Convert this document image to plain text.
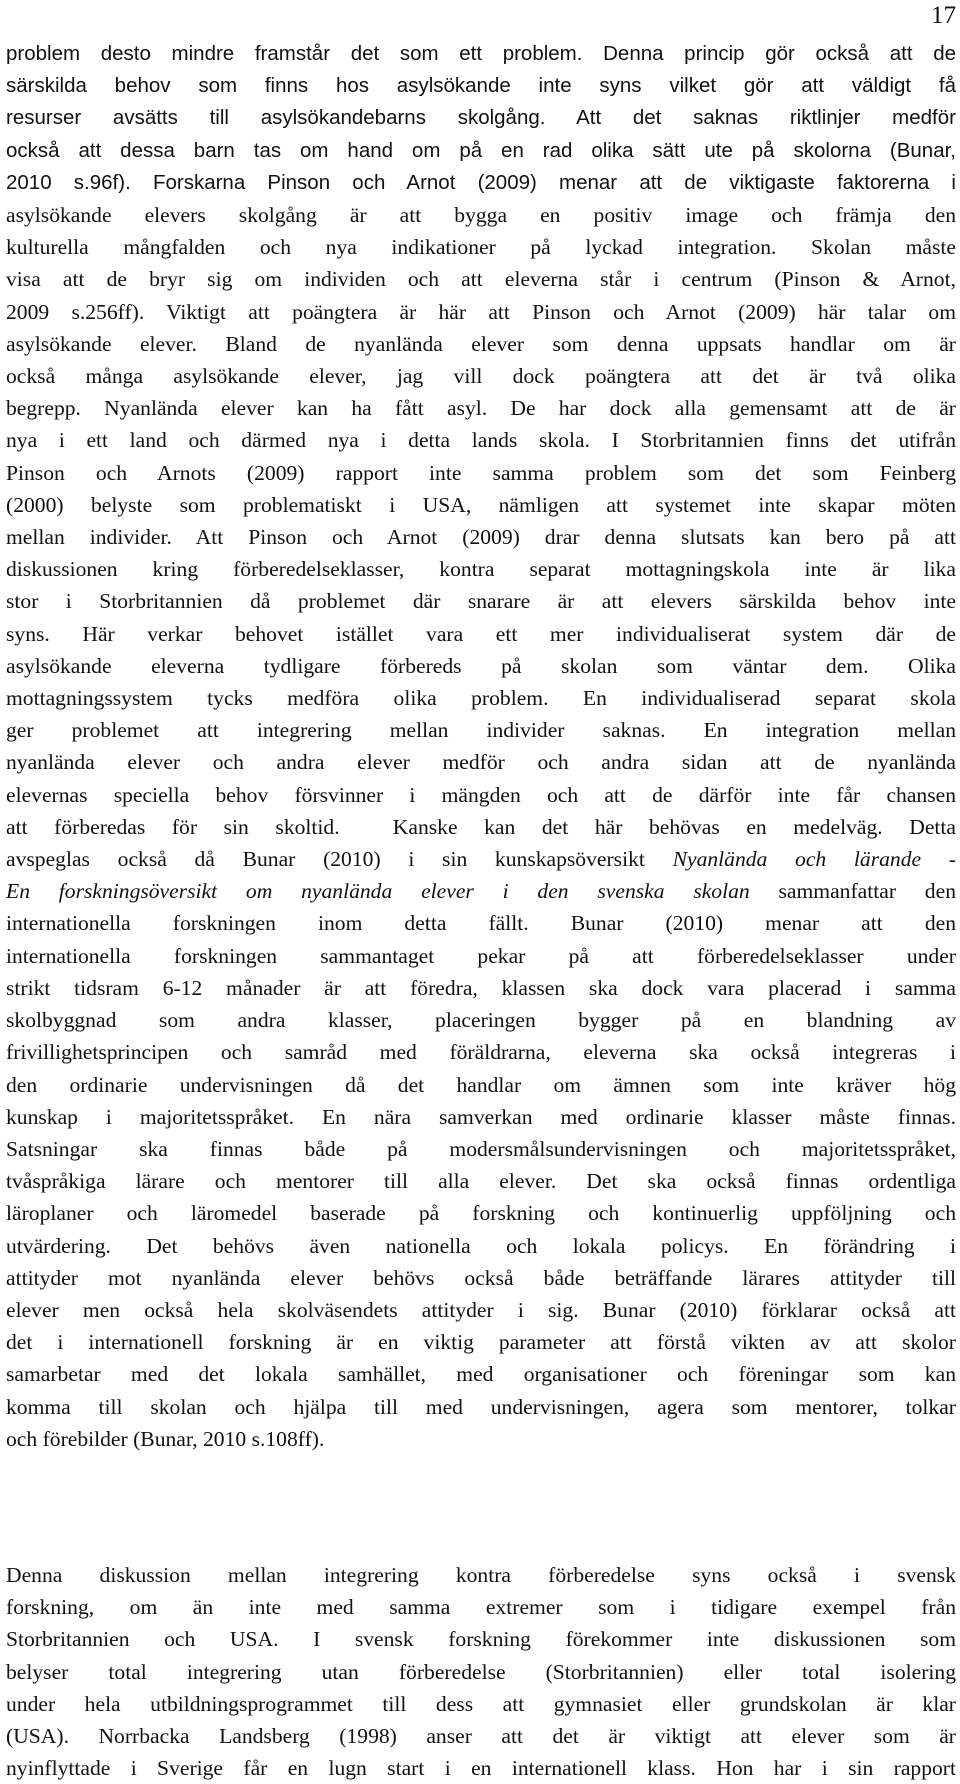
17
problem desto mindre framstår det som ett problem. Denna princip gör också att de
särskilda behov som finns hos asylsökande inte syns vilket gör att väldigt få
resurser avsätts till asylsökandebarns skolgång. Att det saknas riktlinjer medför
också att dessa barn tas om hand om på en rad olika sätt ute på skolorna (Bunar,
2010 s.96f). Forskarna Pinson och Arnot (2009) menar att de viktigaste faktorerna i
asylsökande elevers skolgång är att bygga en positiv image och främja den
kulturella mångfalden och nya indikationer på lyckad integration. Skolan måste
visa att de bryr sig om individen och att eleverna står i centrum (Pinson & Arnot,
2009 s.256ff). Viktigt att poängtera är här att Pinson och Arnot (2009) här talar om
asylsökande elever. Bland de nyanlända elever som denna uppsats handlar om är
också många asylsökande elever, jag vill dock poängtera att det är två olika
begrepp. Nyanlända elever kan ha fått asyl. De har dock alla gemensamt att de är
nya i ett land och därmed nya i detta lands skola. I Storbritannien finns det utifrån
Pinson och Arnots (2009) rapport inte samma problem som det som Feinberg
(2000) belyste som problematiskt i USA, nämligen att systemet inte skapar möten
mellan individer. Att Pinson och Arnot (2009) drar denna slutsats kan bero på att
diskussionen kring förberedelseklasser, kontra separat mottagningskola inte är lika
stor i Storbritannien då problemet där snarare är att elevers särskilda behov inte
syns. Här verkar behovet istället vara ett mer individualiserat system där de
asylsökande eleverna tydligare förbereds på skolan som väntar dem. Olika
mottagningssystem tycks medföra olika problem. En individualiserad separat skola
ger problemet att integrering mellan individer saknas. En integration mellan
nyanlända elever och andra elever medför och andra sidan att de nyanlända
elevernas speciella behov försvinner i mängden och att de därför inte får chansen
att förberedas för sin skoltid.  Kanske kan det här behövas en medelväg. Detta
avspeglas också då Bunar (2010) i sin kunskapsöversikt Nyanlända och lärande -
En forskningsöversikt om nyanlända elever i den svenska skolan sammanfattar den
internationella forskningen inom detta fällt. Bunar (2010) menar att den
internationella forskningen sammantaget pekar på att förberedelseklasser under
strikt tidsram 6-12 månader är att föredra, klassen ska dock vara placerad i samma
skolbyggnad som andra klasser, placeringen bygger på en blandning av
frivillighetsprincipen och samråd med föräldrarna, eleverna ska också integreras i
den ordinarie undervisningen då det handlar om ämnen som inte kräver hög
kunskap i majoritetsspråket. En nära samverkan med ordinarie klasser måste finnas.
Satsningar ska finnas både på modersmålsundervisningen och majoritetsspråket,
tvåspråkiga lärare och mentorer till alla elever. Det ska också finnas ordentliga
läroplaner och läromedel baserade på forskning och kontinuerlig uppföljning och
utvärdering. Det behövs även nationella och lokala policys. En förändring i
attityder mot nyanlända elever behövs också både beträffande lärares attityder till
elever men också hela skolväsendets attityder i sig. Bunar (2010) förklarar också att
det i internationell forskning är en viktig parameter att förstå vikten av att skolor
samarbetar med det lokala samhället, med organisationer och föreningar som kan
komma till skolan och hjälpa till med undervisningen, agera som mentorer, tolkar
och förebilder (Bunar, 2010 s.108ff).
Denna diskussion mellan integrering kontra förberedelse syns också i svensk
forskning, om än inte med samma extremer som i tidigare exempel från
Storbritannien och USA. I svensk forskning förekommer inte diskussionen som
belyser total integrering utan förberedelse (Storbritannien) eller total isolering
under hela utbildningsprogrammet till dess att gymnasiet eller grundskolan är klar
(USA). Norrbacka Landsberg (1998) anser att det är viktigt att elever som är
nyinflyttade i Sverige får en lugn start i en internationell klass. Hon har i sin rapport
